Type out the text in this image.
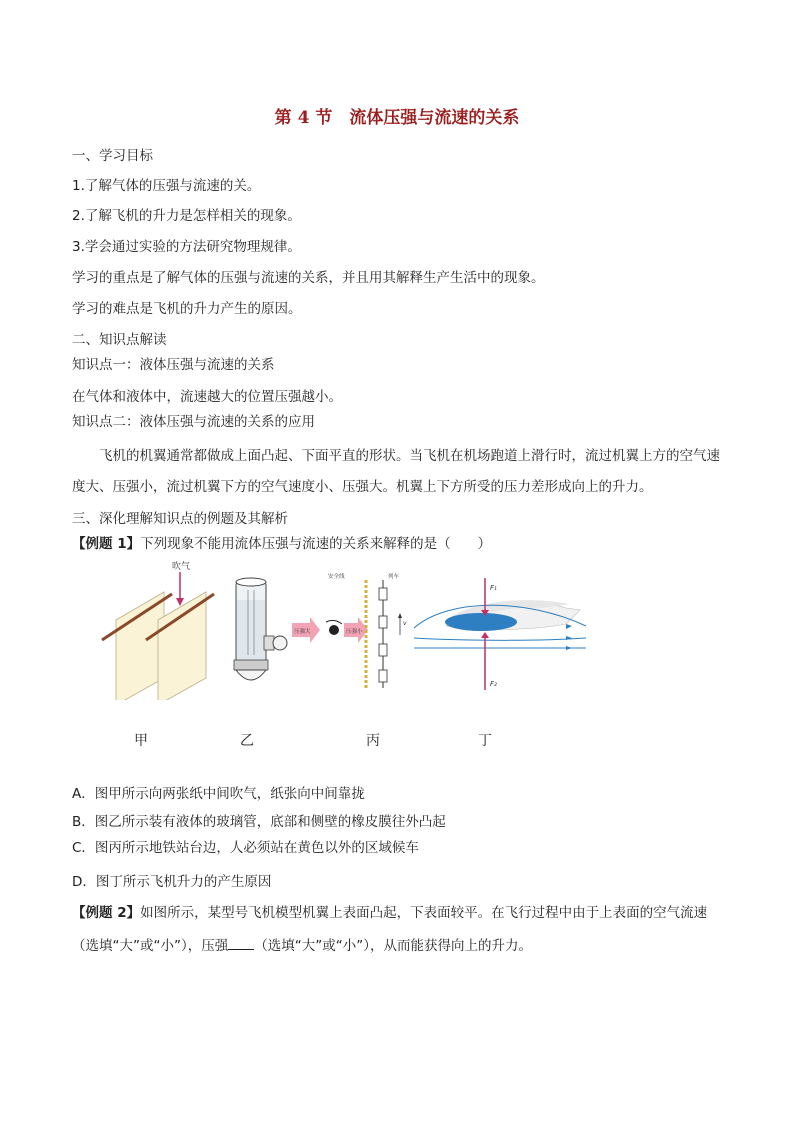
第 4 节　流体压强与流速的关系
一、学习目标
1.了解气体的压强与流速的关。
2.了解飞机的升力是怎样相关的现象。
3.学会通过实验的方法研究物理规律。
学习的重点是了解气体的压强与流速的关系，并且用其解释生产生活中的现象。
学习的难点是飞机的升力产生的原因。
二、知识点解读
知识点一：液体压强与流速的关系
在气体和液体中，流速越大的位置压强越小。
知识点二：液体压强与流速的关系的应用
飞机的机翼通常都做成上面凸起、下面平直的形状。当飞机在机场跑道上滑行时，流过机翼上方的空气速度大、压强小，流过机翼下方的空气速度小、压强大。机翼上下方所受的压力差形成向上的升力。
三、深化理解知识点的例题及其解析
【例题 1】下列现象不能用流体压强与流速的关系来解释的是（　　）
吹气
压强大	压强小
安全线	列车
v
F₁
F₂
甲	乙	丙	丁
A．图甲所示向两张纸中间吹气，纸张向中间靠拢
B．图乙所示装有液体的玻璃管，底部和侧壁的橡皮膜往外凸起
C．图丙所示地铁站台边，人必须站在黄色以外的区域候车
D．图丁所示飞机升力的产生原因
【例题 2】如图所示，某型号飞机模型机翼上表面凸起，下表面较平。在飞行过程中由于上表面的空气流速
（选填“大”或“小”），压强 （选填“大”或“小”），从而能获得向上的升力。
